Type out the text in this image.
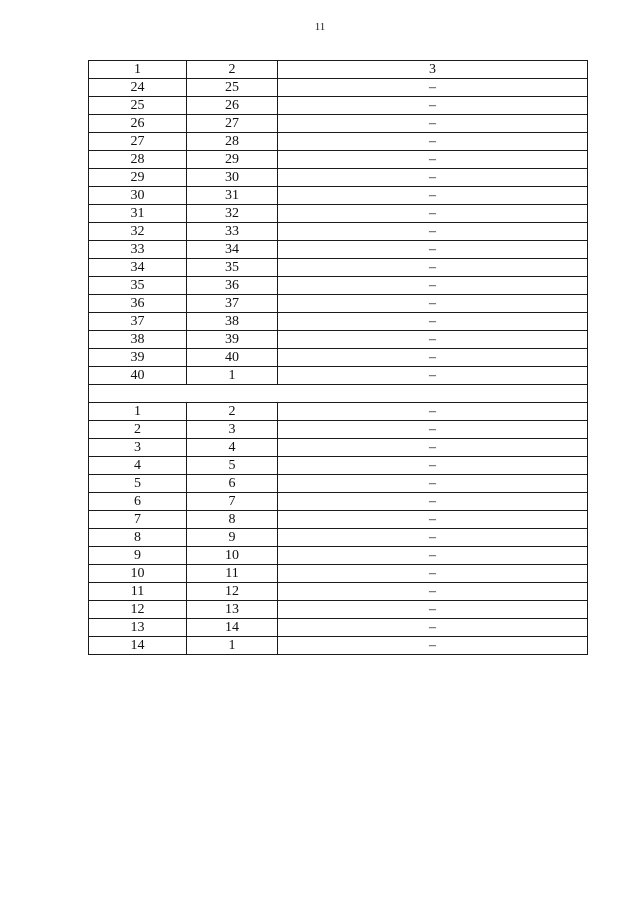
11
1	2	3
24	25	–
25	26	–
26	27	–
27	28	–
28	29	–
29	30	–
30	31	–
31	32	–
32	33	–
33	34	–
34	35	–
35	36	–
36	37	–
37	38	–
38	39	–
39	40	–
40	1	–

1	2	–
2	3	–
3	4	–
4	5	–
5	6	–
6	7	–
7	8	–
8	9	–
9	10	–
10	11	–
11	12	–
12	13	–
13	14	–
14	1	–
